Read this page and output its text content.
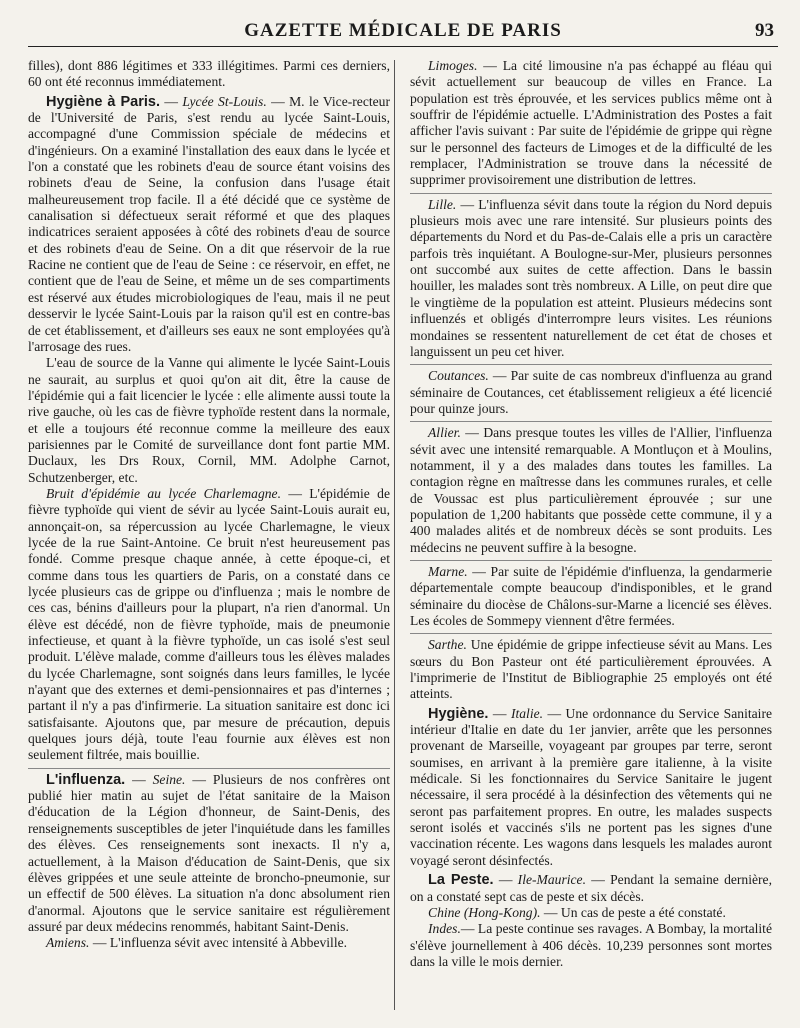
GAZETTE MÉDICALE DE PARIS	93

filles), dont 886 légitimes et 333 illégitimes. Parmi ces derniers, 60 ont été reconnus immédiatement.

Hygiène à Paris. — Lycée St-Louis. — M. le Vice-recteur de l'Université de Paris, s'est rendu au lycée Saint-Louis, accompagné d'une Commission spéciale de médecins et d'ingénieurs. On a examiné l'installation des eaux dans le lycée et l'on a constaté que les robinets d'eau de source étant voisins des robinets d'eau de Seine, la confusion dans l'usage était malheureusement trop facile. Il a été décidé que ce système de canalisation si défectueux serait réformé et que des plaques indicatrices seraient apposées à côté des robinets d'eau de source et des robinets d'eau de Seine. On a dit que réservoir de la rue Racine ne contient que de l'eau de Seine : ce réservoir, en effet, ne contient que de l'eau de Seine, et même un de ses compartiments est réservé aux études microbiologiques de l'eau, mais il ne peut desservir le lycée Saint-Louis par la raison qu'il est en contre-bas de cet établissement, et d'ailleurs ses eaux ne sont employées qu'à l'arrosage des rues.

L'eau de source de la Vanne qui alimente le lycée Saint-Louis ne saurait, au surplus et quoi qu'on ait dit, être la cause de l'épidémie qui a fait licencier le lycée : elle alimente aussi toute la rive gauche, où les cas de fièvre typhoïde restent dans la normale, et elle a toujours été reconnue comme la meilleure des eaux parisiennes par le Comité de surveillance dont font partie MM. Duclaux, les Drs Roux, Cornil, MM. Adolphe Carnot, Schutzenberger, etc.

Bruit d'épidémie au lycée Charlemagne. — L'épidémie de fièvre typhoïde qui vient de sévir au lycée Saint-Louis aurait eu, annonçait-on, sa répercussion au lycée Charlemagne, le vieux lycée de la rue Saint-Antoine. Ce bruit n'est heureusement pas fondé. Comme presque chaque année, à cette époque-ci, et comme dans tous les quartiers de Paris, on a constaté dans ce lycée plusieurs cas de grippe ou d'influenza ; mais le nombre de ces cas, bénins d'ailleurs pour la plupart, n'a rien d'anormal. Un élève est décédé, non de fièvre typhoïde, mais de pneumonie infectieuse, et quant à la fièvre typhoïde, un cas isolé s'est seul produit. L'élève malade, comme d'ailleurs tous les élèves malades du lycée Charlemagne, sont soignés dans leurs familles, le lycée n'ayant que des externes et demi-pensionnaires et pas d'internes ; partant il n'y a pas d'infirmerie. La situation sanitaire est donc ici satisfaisante. Ajoutons que, par mesure de précaution, depuis quelques jours déjà, toute l'eau fournie aux élèves est non seulement filtrée, mais bouillie.

L'influenza. — Seine. — Plusieurs de nos confrères ont publié hier matin au sujet de l'état sanitaire de la Maison d'éducation de la Légion d'honneur, de Saint-Denis, des renseignements susceptibles de jeter l'inquiétude dans les familles des élèves. Ces renseignements sont inexacts. Il n'y a, actuellement, à la Maison d'éducation de Saint-Denis, que six élèves grippées et une seule atteinte de broncho-pneumonie, sur un effectif de 500 élèves. La situation n'a donc absolument rien d'anormal. Ajoutons que le service sanitaire est régulièrement assuré par deux médecins renommés, habitant Saint-Denis.

Amiens. — L'influenza sévit avec intensité à Abbeville.

Limoges. — La cité limousine n'a pas échappé au fléau qui sévit actuellement sur beaucoup de villes en France. La population est très éprouvée, et les services publics même ont à souffrir de l'épidémie actuelle. L'Administration des Postes a fait afficher l'avis suivant : Par suite de l'épidémie de grippe qui règne sur le personnel des facteurs de Limoges et de la difficulté de les remplacer, l'Administration se trouve dans la nécessité de supprimer provisoirement une distribution de lettres.

Lille. — L'influenza sévit dans toute la région du Nord depuis plusieurs mois avec une rare intensité. Sur plusieurs points des départements du Nord et du Pas-de-Calais elle a pris un caractère parfois très inquiétant. A Boulogne-sur-Mer, plusieurs personnes ont succombé aux suites de cette affection. Dans le bassin houiller, les malades sont très nombreux. A Lille, on peut dire que le vingtième de la population est atteint. Plusieurs médecins sont influenzés et obligés d'interrompre leurs visites. Les réunions mondaines se ressentent naturellement de cet état de choses et languissent un peu cet hiver.

Coutances. — Par suite de cas nombreux d'influenza au grand séminaire de Coutances, cet établissement religieux a été licencié pour quinze jours.

Allier. — Dans presque toutes les villes de l'Allier, l'influenza sévit avec une intensité remarquable. A Montluçon et à Moulins, notamment, il y a des malades dans toutes les familles. La contagion règne en maîtresse dans les communes rurales, et celle de Voussac est plus particulièrement éprouvée ; sur une population de 1,200 habitants que possède cette commune, il y a 400 malades alités et de nombreux décès se sont produits. Les médecins ne peuvent suffire à la besogne.

Marne. — Par suite de l'épidémie d'influenza, la gendarmerie départementale compte beaucoup d'indisponibles, et le grand séminaire du diocèse de Châlons-sur-Marne a licencié ses élèves. Les écoles de Sommepy viennent d'être fermées.

Sarthe. Une épidémie de grippe infectieuse sévit au Mans. Les sœurs du Bon Pasteur ont été particulièrement éprouvées. A l'imprimerie de l'Institut de Bibliographie 25 employés ont été atteints.

Hygiène. — Italie. — Une ordonnance du Service Sanitaire intérieur d'Italie en date du 1er janvier, arrête que les personnes provenant de Marseille, voyageant par groupes par terre, seront soumises, en arrivant à la première gare italienne, à la visite médicale. Si les fonctionnaires du Service Sanitaire le jugent nécessaire, il sera procédé à la désinfection des vêtements qui ne seront pas parfaitement propres. En outre, les malades suspects seront isolés et vaccinés s'ils ne portent pas les signes d'une vaccination récente. Les wagons dans lesquels les malades auront voyagé seront désinfectés.

La Peste. — Ile-Maurice. — Pendant la semaine dernière, on a constaté sept cas de peste et six décès.

Chine (Hong-Kong). — Un cas de peste a été constaté.

Indes.— La peste continue ses ravages. A Bombay, la mortalité s'élève journellement à 406 décès. 10,239 personnes sont mortes dans la ville le mois dernier.
